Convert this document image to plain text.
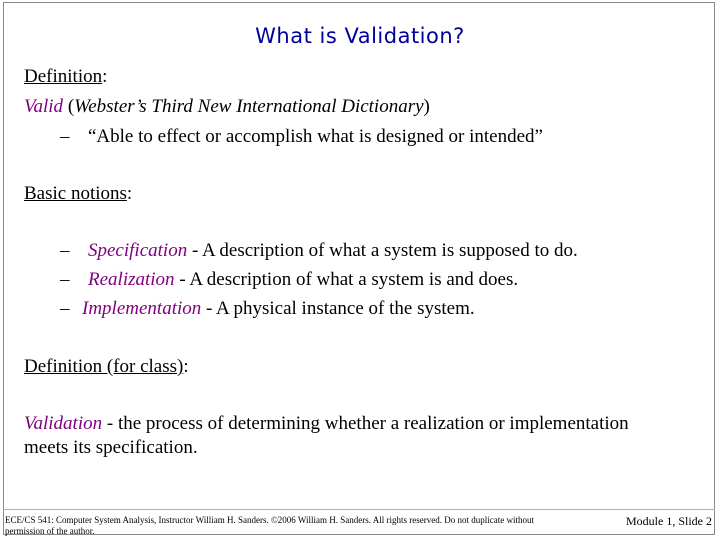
What is Validation?
Definition:
Valid (Webster’s Third New International Dictionary)
– “Able to effect or accomplish what is designed or intended”
Basic notions:
– Specification - A description of what a system is supposed to do.
– Realization - A description of what a system is and does.
– Implementation - A physical instance of the system.
Definition (for class):
Validation - the process of determining whether a realization or implementation
meets its specification.
ECE/CS 541: Computer System Analysis, Instructor William H. Sanders. ©2006 William H. Sanders. All rights reserved. Do not duplicate without permission of the author.
Module 1, Slide 2
